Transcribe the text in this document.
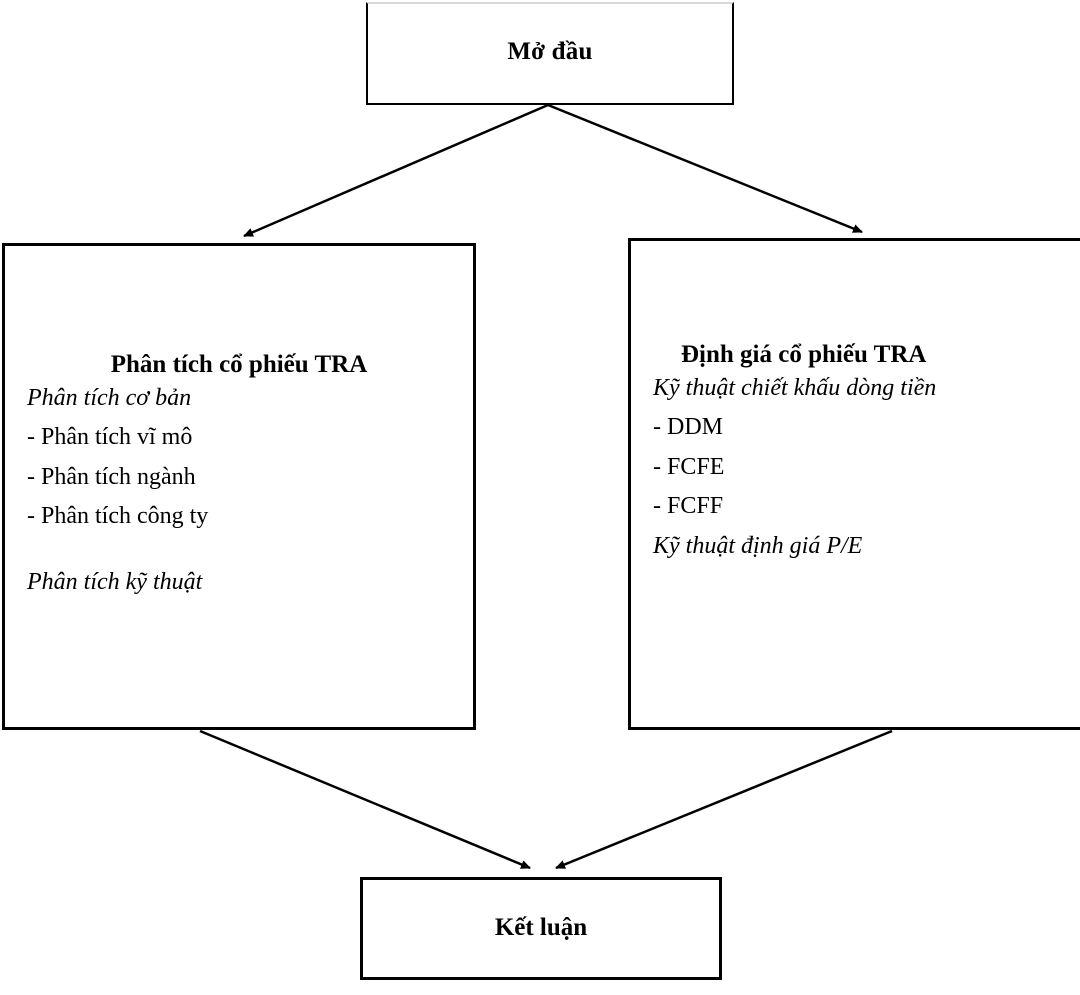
Mở đầu
Phân tích cổ phiếu TRA
Phân tích cơ bản
- Phân tích vĩ mô
- Phân tích ngành
- Phân tích công ty
Phân tích kỹ thuật
Định giá cổ phiếu TRA
Kỹ thuật chiết khấu dòng tiền
- DDM
- FCFE
- FCFF
Kỹ thuật định giá P/E
Kết luận
